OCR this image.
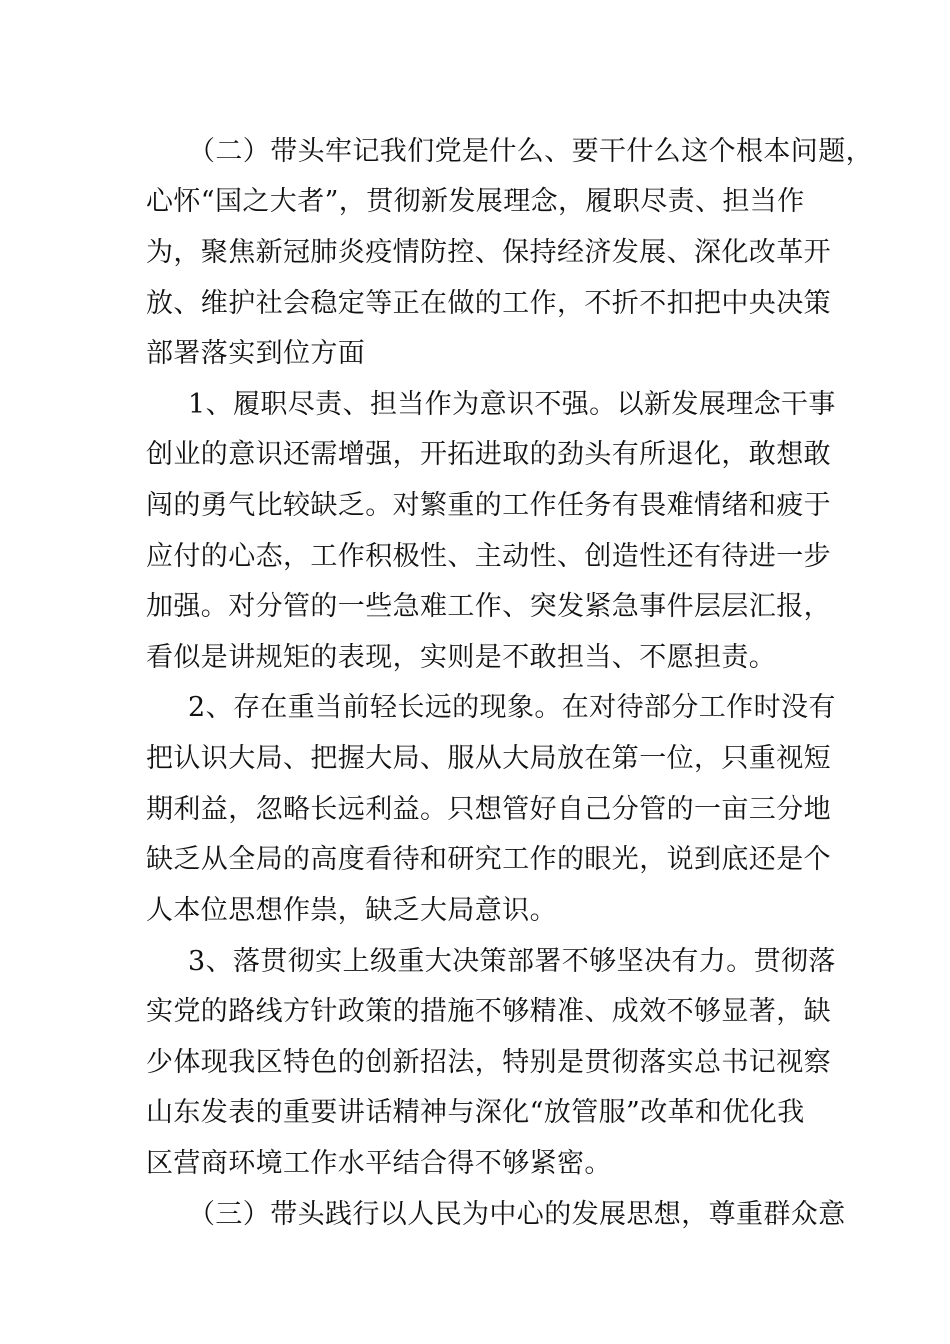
（二）带头牢记我们党是什么、要干什么这个根本问题，
心怀“国之大者”，贯彻新发展理念，履职尽责、担当作
为，聚焦新冠肺炎疫情防控、保持经济发展、深化改革开
放、维护社会稳定等正在做的工作，不折不扣把中央决策
部署落实到位方面
1、履职尽责、担当作为意识不强。以新发展理念干事
创业的意识还需增强，开拓进取的劲头有所退化，敢想敢
闯的勇气比较缺乏。对繁重的工作任务有畏难情绪和疲于
应付的心态，工作积极性、主动性、创造性还有待进一步
加强。对分管的一些急难工作、突发紧急事件层层汇报，
看似是讲规矩的表现，实则是不敢担当、不愿担责。
2、存在重当前轻长远的现象。在对待部分工作时没有
把认识大局、把握大局、服从大局放在第一位，只重视短
期利益，忽略长远利益。只想管好自己分管的一亩三分地
缺乏从全局的高度看待和研究工作的眼光，说到底还是个
人本位思想作祟，缺乏大局意识。
3、落贯彻实上级重大决策部署不够坚决有力。贯彻落
实党的路线方针政策的措施不够精准、成效不够显著，缺
少体现我区特色的创新招法，特别是贯彻落实总书记视察
山东发表的重要讲话精神与深化“放管服”改革和优化我
区营商环境工作水平结合得不够紧密。
（三）带头践行以人民为中心的发展思想，尊重群众意
